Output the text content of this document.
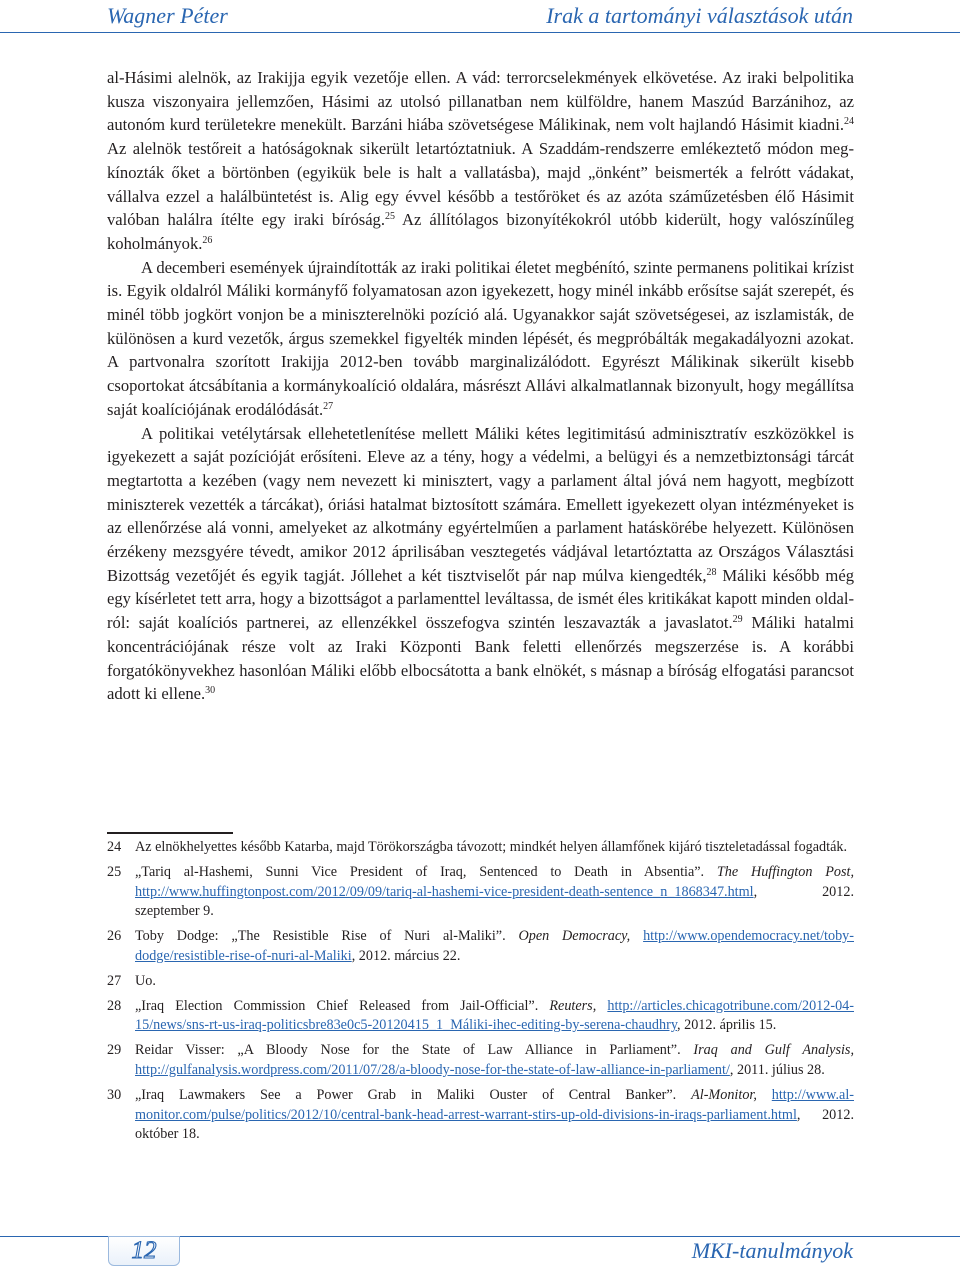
Wagner Péter	Irak a tartományi választások után

al-Hásimi alelnök, az Irakijja egyik vezetője ellen. A vád: terrorcselekmények elkövetése. Az iraki belpolitika kusza viszonyaira jellemzően, Hásimi az utolsó pillanatban nem külföldre, hanem Maszúd Barzánihoz, az autonóm kurd területekre menekült. Barzáni hiába szövetségese Málikinak, nem volt hajlandó Hásimit kiadni.$^{24}$ Az alelnök testőreit a hatóságoknak sikerült letartóztatniuk. A Szaddám-rendszerre emlékeztető módon megkínozták őket a börtönben (egyikük bele is halt a vallatásba), majd „önként” beismerték a felrótt vádakat, vállalva ezzel a halálbüntetést is. Alig egy évvel később a testőröket és az azóta száműzetésben élő Hásimit valóban halálra ítélte egy iraki bíróság.$^{25}$ Az állítólagos bizonyítékokról utóbb kiderült, hogy valószínűleg koholmányok.$^{26}$

A decemberi események újraindították az iraki politikai életet megbénító, szinte permanens politikai krízist is. Egyik oldalról Máliki kormányfő folyamatosan azon igyekezett, hogy minél inkább erősítse saját szerepét, és minél több jogkört vonjon be a miniszterelnöki pozíció alá. Ugyanakkor saját szövetségesei, az iszlamisták, de különösen a kurd vezetők, árgus szemekkel figyelték minden lépését, és megpróbálták megakadályozni azokat. A partvonalra szorított Irakijja 2012-ben tovább marginalizálódott. Egyrészt Málikinak sikerült kisebb csoportokat átcsábítania a kormánykoalíció oldalára, másrészt Allávi alkalmatlannak bizonyult, hogy megállítsa saját koalíciójának erodálódását.$^{27}$

A politikai vetélytársak ellehetetlenítése mellett Máliki kétes legitimitású adminisztratív eszközökkel is igyekezett a saját pozícióját erősíteni. Eleve az a tény, hogy a védelmi, a belügyi és a nemzetbiztonsági tárcát megtartotta a kezében (vagy nem nevezett ki minisztert, vagy a parlament által jóvá nem hagyott, megbízott miniszterek vezették a tárcákat), óriási hatalmat biztosított számára. Emellett igyekezett olyan intézményeket is az ellenőrzése alá vonni, amelyeket az alkotmány egyértelműen a parlament hatáskörébe helyezett. Különösen érzékeny mezsgyére tévedt, amikor 2012 áprilisában vesztegetés vádjával letartóztatta az Országos Választási Bizottság vezetőjét és egyik tagját. Jóllehet a két tisztviselőt pár nap múlva kiengedték,$^{28}$ Máliki később még egy kísérletet tett arra, hogy a bizottságot a parlamenttel leváltassa, de ismét éles kritikákat kapott minden oldalról: saját koalíciós partnerei, az ellenzékkel összefogva szintén leszavazták a javaslatot.$^{29}$ Máliki hatalmi koncentrációjának része volt az Iraki Központi Bank feletti ellenőrzés megszerzése is. A korábbi forgatókönyvekhez hasonlóan Máliki előbb elbocsátotta a bank elnökét, s másnap a bíróság elfogatási parancsot adott ki ellene.$^{30}$

24 Az elnökhelyettes később Katarba, majd Törökországba távozott; mindkét helyen államfőnek kijáró tiszteletadással fogadták.
25 „Tariq al-Hashemi, Sunni Vice President of Iraq, Sentenced to Death in Absentia”. The Huffington Post, http://www.huffingtonpost.com/2012/09/09/tariq-al-hashemi-vice-president-death-sentence_n_1868347.html, 2012. szeptember 9.
26 Toby Dodge: „The Resistible Rise of Nuri al-Maliki”. Open Democracy, http://www.opendemocracy.net/toby-dodge/resistible-rise-of-nuri-al-Maliki, 2012. március 22.
27 Uo.
28 „Iraq Election Commission Chief Released from Jail-Official”. Reuters, http://articles.chicagotribune.com/2012-04-15/news/sns-rt-us-iraq-politicsbre83e0c5-20120415_1_Máliki-ihec-editing-by-serena-chaudhry, 2012. április 15.
29 Reidar Visser: „A Bloody Nose for the State of Law Alliance in Parliament”. Iraq and Gulf Analysis, http://gulfanalysis.wordpress.com/2011/07/28/a-bloody-nose-for-the-state-of-law-alliance-in-parliament/, 2011. július 28.
30 „Iraq Lawmakers See a Power Grab in Maliki Ouster of Central Banker”. Al-Monitor, http://www.al-monitor.com/pulse/politics/2012/10/central-bank-head-arrest-warrant-stirs-up-old-divisions-in-iraqs-parliament.html, 2012. október 18.
12	MKI-tanulmányok
